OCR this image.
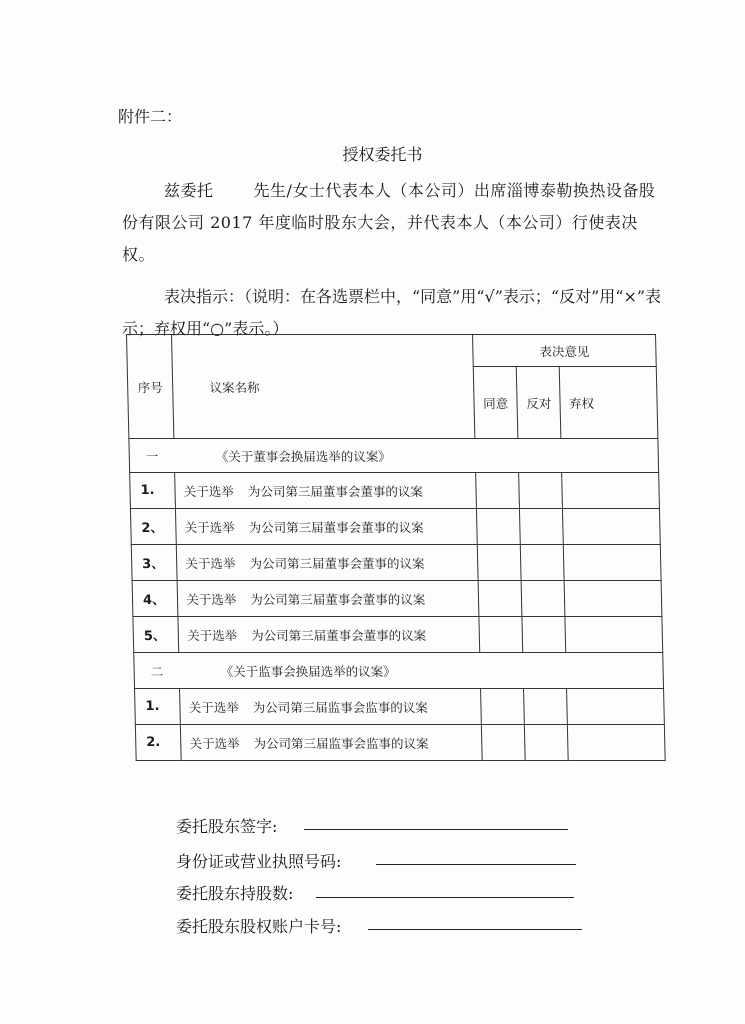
附件二：
授权委托书
兹委托	先生/女士代表本人（本公司）出席淄博泰勒换热设备股份有限公司 2017 年度临时股东大会，并代表本人（本公司）行使表决权。
表决指示：（说明：在各选票栏中，“同意”用“√”表示；“反对”用“×”表示；弃权用“○”表示。）
序号	议案名称	表决意见		
		同意	反对	弃权
一 《关于董事会换届选举的议案》				
1.	关于选举 为公司第三届董事会董事的议案			
2、	关于选举 为公司第三届董事会董事的议案			
3、	关于选举 为公司第三届董事会董事的议案			
4、	关于选举 为公司第三届董事会董事的议案			
5、	关于选举 为公司第三届董事会董事的议案			
二 《关于监事会换届选举的议案》				
1.	关于选举 为公司第三届监事会监事的议案			
2.	关于选举 为公司第三届监事会监事的议案			
委托股东签字:
身份证或营业执照号码:
委托股东持股数:
委托股东股权账户卡号:
